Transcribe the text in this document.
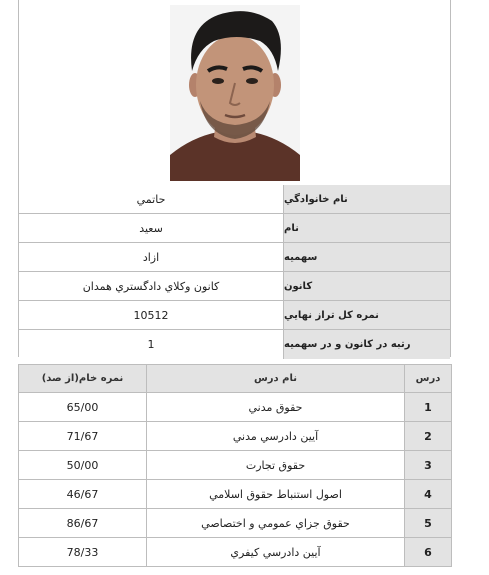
حاتمي	نام خانوادگي
سعيد	نام
ازاد	سهميه
كانون وكلاي دادگستري همدان	كانون
10512	نمره كل تراز نهايي
1	رتبه در كانون و در سهميه
نمره خام(از صد)	نام درس	درس
65/00	حقوق مدني	1
71/67	آيين دادرسي مدني	2
50/00	حقوق تجارت	3
46/67	اصول استنباط حقوق اسلامي	4
86/67	حقوق جزاي عمومي و اختصاصي	5
78/33	آيين دادرسي كيفري	6
